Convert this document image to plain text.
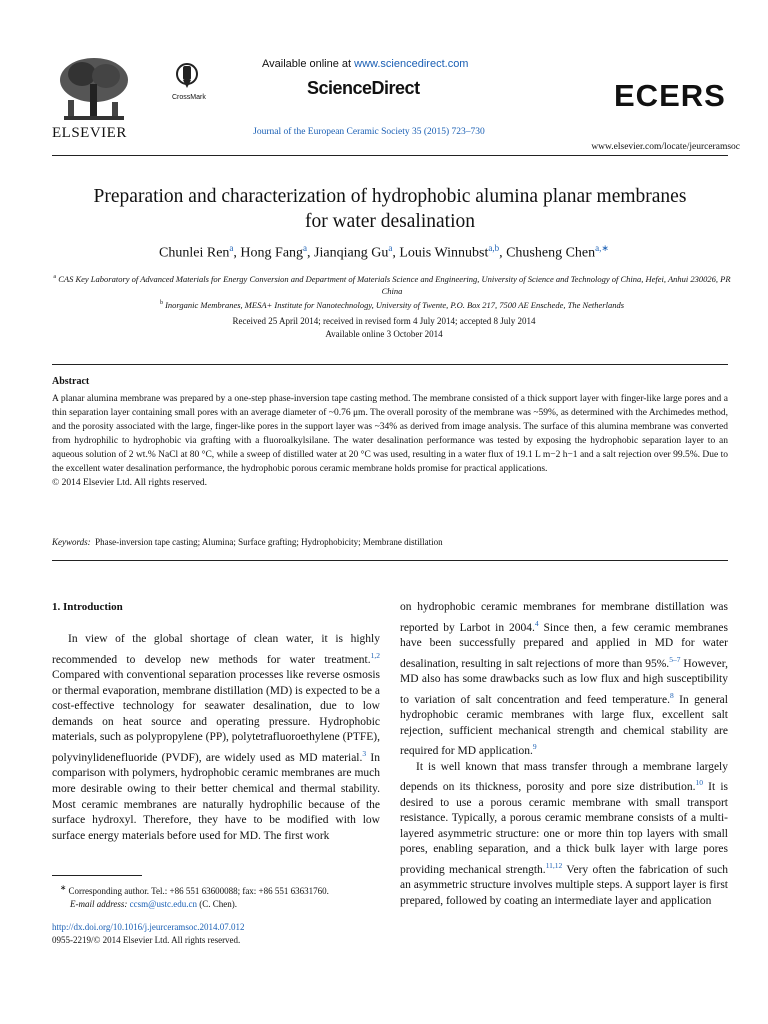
ELSEVIER
CrossMark
Available online at www.sciencedirect.com
ScienceDirect	ECERS
Journal of the European Ceramic Society 35 (2015) 723–730
www.elsevier.com/locate/jeurceramsoc
Preparation and characterization of hydrophobic alumina planar membranes
for water desalination
Chunlei Ren$^a$, Hong Fang$^a$, Jianqiang Gu$^a$, Louis Winnubst$^{a,b}$, Chusheng Chen$^{a,∗}$
$^a$ CAS Key Laboratory of Advanced Materials for Energy Conversion and Department of Materials Science and Engineering, University of Science and Technology of China, Hefei, Anhui 230026, PR China
$^b$ Inorganic Membranes, MESA+ Institute for Nanotechnology, University of Twente, P.O. Box 217, 7500 AE Enschede, The Netherlands
Received 25 April 2014; received in revised form 4 July 2014; accepted 8 July 2014
Available online 3 October 2014
Abstract
A planar alumina membrane was prepared by a one-step phase-inversion tape casting method. The membrane consisted of a thick support layer with finger-like large pores and a thin separation layer containing small pores with an average diameter of ~0.76 μm. The overall porosity of the membrane was ~59%, as determined with the Archimedes method, and the porosity associated with the large, finger-like pores in the support layer was ~34% as derived from image analysis. The surface of this alumina membrane was converted from hydrophilic to hydrophobic via grafting with a fluoroalkylsilane. The water desalination performance was tested by exposing the hydrophobic separation layer to an aqueous solution of 2 wt.% NaCl at 80 °C, while a sweep of distilled water at 20 °C was used, resulting in a water flux of 19.1 L m−2 h−1 and a salt rejection over 99.5%. Due to the excellent water desalination performance, the hydrophobic porous ceramic membrane holds promise for practical applications.
© 2014 Elsevier Ltd. All rights reserved.
Keywords: Phase-inversion tape casting; Alumina; Surface grafting; Hydrophobicity; Membrane distillation
1. Introduction

In view of the global shortage of clean water, it is highly recommended to develop new methods for water treatment.$^{1,2}$ Compared with conventional separation processes like reverse osmosis or thermal evaporation, membrane distillation (MD) is expected to be a cost-effective technology for seawater desalination, due to low demands on heat source and operating pressure. Hydrophobic materials, such as polypropylene (PP), polytetrafluoroethylene (PTFE), polyvinylidenefluoride (PVDF), are widely used as MD material.$^3$ In comparison with polymers, hydrophobic ceramic membranes are much more desirable owing to their better chemical and thermal stability. Most ceramic membranes are naturally hydrophilic because of the surface hydroxyl. Therefore, they have to be modified with low surface energy materials before used for MD. The first work

on hydrophobic ceramic membranes for membrane distillation was reported by Larbot in 2004.$^4$ Since then, a few ceramic membranes have been successfully prepared and applied in MD for water desalination, resulting in salt rejections of more than 95%.$^{5-7}$ However, MD also has some drawbacks such as low flux and high susceptibility to variation of salt concentration and feed temperature.$^8$ In general hydrophobic ceramic membranes with large flux, excellent salt rejection, sufficient mechanical strength and chemical stability are required for MD application.$^9$

It is well known that mass transfer through a membrane largely depends on its thickness, porosity and pore size distribution.$^{10}$ It is desired to use a porous ceramic membrane with small transport resistance. Typically, a porous ceramic membrane consists of a multi-layered asymmetric structure: one or more thin top layers with small pores, enabling separation, and a thick bulk layer with large pores providing mechanical strength.$^{11,12}$ Very often the fabrication of such an asymmetric structure involves multiple steps. A support layer is first prepared, followed by coating an intermediate layer and application

∗ Corresponding author. Tel.: +86 551 63600088; fax: +86 551 63631760.
E-mail address: ccsm@ustc.edu.cn (C. Chen).
http://dx.doi.org/10.1016/j.jeurceramsoc.2014.07.012
0955-2219/© 2014 Elsevier Ltd. All rights reserved.
